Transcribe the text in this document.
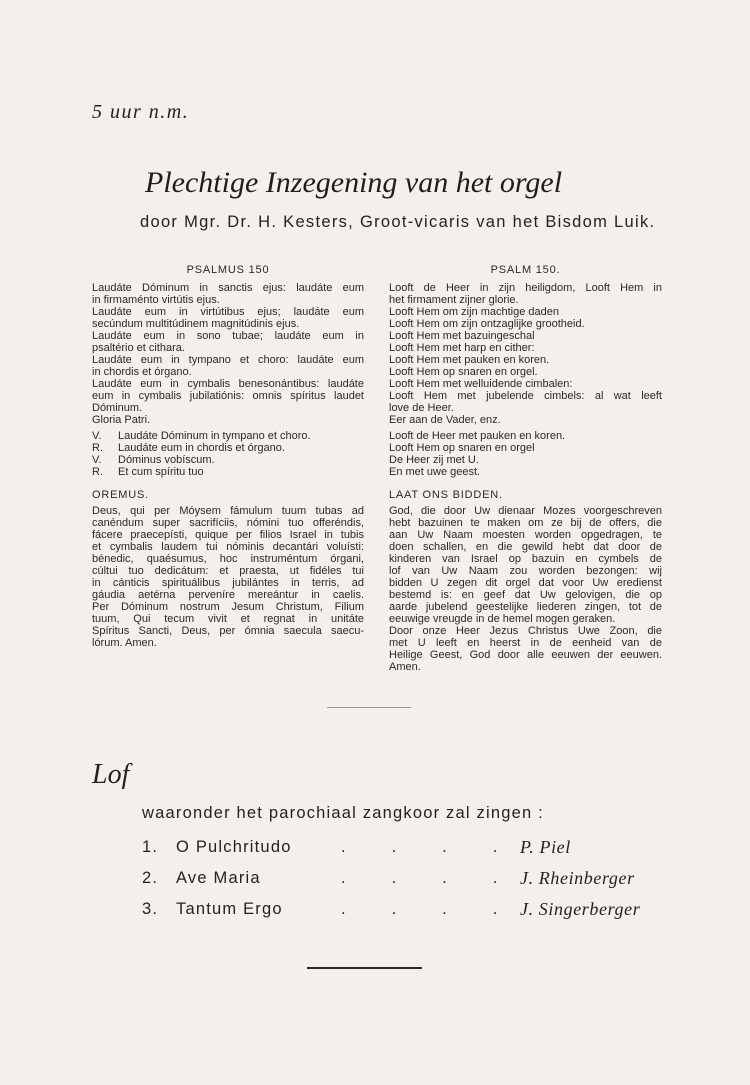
5 uur n.m.
Plechtige Inzegening van het orgel
door Mgr. Dr. H. Kesters, Groot-vicaris van het Bisdom Luik.
PSALMUS 150
Laudáte Dóminum in sanctis ejus: laudáte eum
in firmaménto virtútis ejus.
Laudáte eum in virtútibus ejus; laudáte eum
secúndum multitúdinem magnitúdinis ejus.
Laudáte eum in sono tubae; laudáte eum in
psaltério et cithara.
Laudáte eum in tympano et choro: laudáte eum
in chordis et órgano.
Laudáte eum in cymbalis benesonántibus: laudáte
eum in cymbalis jubilatiónis: omnis spíritus laudet
Dóminum.
Gloria Patri.
V.	Laudáte Dóminum in tympano et choro.
R.	Laudáte eum in chordis et órgano.
V.	Dóminus vobíscum.
R.	Et cum spíritu tuo
OREMUS.
Deus, qui per Móysem fámulum tuum tubas ad
canéndum super sacrifíciis, nómini tuo offeréndis,
fácere praecepísti, quique per filios Israel in tubis
et cymbalis laudem tui nóminis decantári voluísti:
bénedic, quaésumus, hoc instruméntum órgani,
cúltui tuo dedicátum: et praesta, ut fidéles tui
in cánticis spirituálibus jubilántes in terris, ad
gáudia aetérna perveníre mereántur in caelis.
Per Dóminum nostrum Jesum Christum, Filium
tuum, Qui tecum vivit et regnat in unitáte
Spíritus Sancti, Deus, per ómnia saecula saecu-
lórum. Amen.
PSALM 150.
Looft de Heer in zijn heiligdom, Looft Hem in
het firmament zijner glorie.
Looft Hem om zijn machtige daden
Looft Hem om zijn ontzaglijke grootheid.
Looft Hem met bazuingeschal
Looft Hem met harp en cither:
Looft Hem met pauken en koren.
Looft Hem op snaren en orgel.
Looft Hem met welluidende cimbalen:
Looft Hem met jubelende cimbels: al wat leeft
love de Heer.
Eer aan de Vader, enz.
Looft de Heer met pauken en koren.
Looft Hem op snaren en orgel
De Heer zij met U.
En met uwe geest.
LAAT ONS BIDDEN.
God, die door Uw dienaar Mozes voorgeschreven
hebt bazuinen te maken om ze bij de offers, die
aan Uw Naam moesten worden opgedragen, te
doen schallen, en die gewild hebt dat door de
kinderen van Israel op bazuin en cymbels de
lof van Uw Naam zou worden bezongen: wij
bidden U zegen dit orgel dat voor Uw eredienst
bestemd is: en geef dat Uw gelovigen, die op
aarde jubelend geestelijke liederen zingen, tot de
eeuwige vreugde in de hemel mogen geraken.
Door onze Heer Jezus Christus Uwe Zoon, die
met U leeft en heerst in de eenheid van de
Heilige Geest, God door alle eeuwen der eeuwen.
Amen.
Lof
waaronder het parochiaal zangkoor zal zingen :
1. O Pulchritudo	. . . . P. Piel
2. Ave Maria	. . . . J. Rheinberger
3. Tantum Ergo	. . . . J. Singerberger
